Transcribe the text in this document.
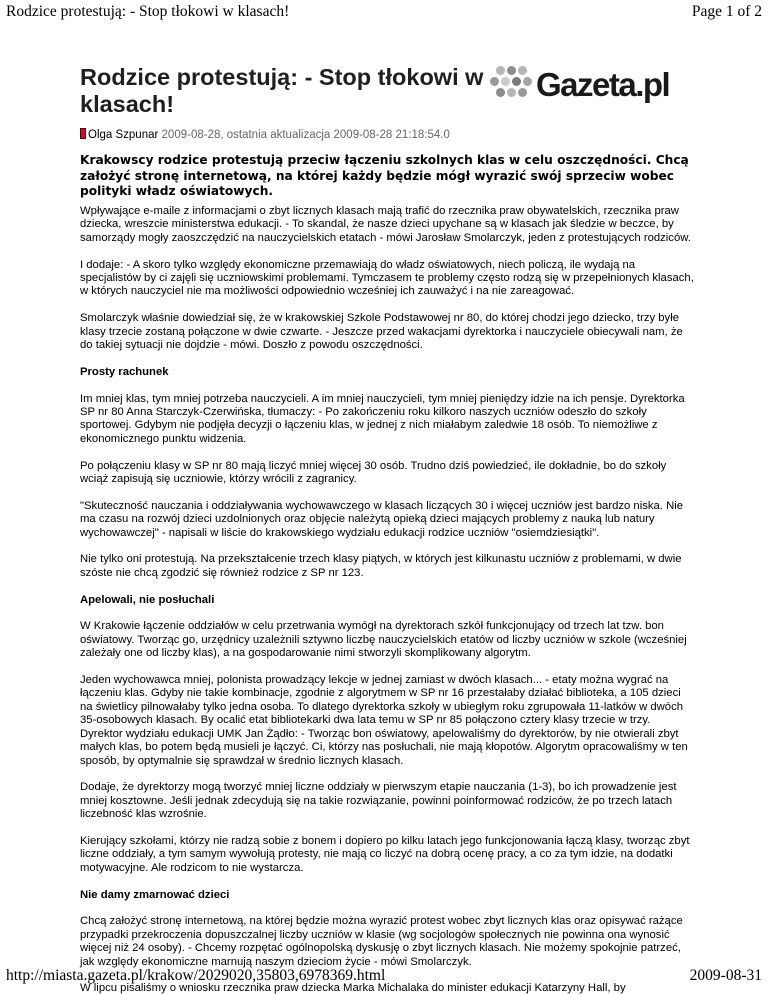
Rodzice protestują: - Stop tłokowi w klasach!	Page 1 of 2
Rodzice protestują: - Stop tłokowi w klasach!
Gazeta.pl
Olga Szpunar 2009-08-28, ostatnia aktualizacja 2009-08-28 21:18:54.0

Krakowscy rodzice protestują przeciw łączeniu szkolnych klas w celu oszczędności. Chcą założyć stronę internetową, na której każdy będzie mógł wyrazić swój sprzeciw wobec polityki władz oświatowych.

Wpływające e-maile z informacjami o zbyt licznych klasach mają trafić do rzecznika praw obywatelskich, rzecznika praw dziecka, wreszcie ministerstwa edukacji. - To skandal, że nasze dzieci upychane są w klasach jak śledzie w beczce, by samorządy mogły zaoszczędzić na nauczycielskich etatach - mówi Jarosław Smolarczyk, jeden z protestujących rodziców.

I dodaje: - A skoro tylko względy ekonomiczne przemawiają do władz oświatowych, niech policzą, ile wydają na specjalistów by ci zajęli się uczniowskimi problemami. Tymczasem te problemy często rodzą się w przepełnionych klasach, w których nauczyciel nie ma możliwości odpowiednio wcześniej ich zauważyć i na nie zareagować.

Smolarczyk właśnie dowiedział się, że w krakowskiej Szkole Podstawowej nr 80, do której chodzi jego dziecko, trzy byłe klasy trzecie zostaną połączone w dwie czwarte. - Jeszcze przed wakacjami dyrektorka i nauczyciele obiecywali nam, że do takiej sytuacji nie dojdzie - mówi. Doszło z powodu oszczędności.

Prosty rachunek

Im mniej klas, tym mniej potrzeba nauczycieli. A im mniej nauczycieli, tym mniej pieniędzy idzie na ich pensje. Dyrektorka SP nr 80 Anna Starczyk-Czerwińska, tłumaczy: - Po zakończeniu roku kilkoro naszych uczniów odeszło do szkoły sportowej. Gdybym nie podjęła decyzji o łączeniu klas, w jednej z nich miałabym zaledwie 18 osób. To niemożliwe z ekonomicznego punktu widzenia.

Po połączeniu klasy w SP nr 80 mają liczyć mniej więcej 30 osób. Trudno dziś powiedzieć, ile dokładnie, bo do szkoły wciąż zapisują się uczniowie, którzy wrócili z zagranicy.

"Skuteczność nauczania i oddziaływania wychowawczego w klasach liczących 30 i więcej uczniów jest bardzo niska. Nie ma czasu na rozwój dzieci uzdolnionych oraz objęcie należytą opieką dzieci mających problemy z nauką lub natury wychowawczej" - napisali w liście do krakowskiego wydziału edukacji rodzice uczniów "osiemdziesiątki".

Nie tylko oni protestują. Na przekształcenie trzech klasy piątych, w których jest kilkunastu uczniów z problemami, w dwie szóste nie chcą zgodzić się również rodzice z SP nr 123.

Apelowali, nie posłuchali

W Krakowie łączenie oddziałów w celu przetrwania wymógł na dyrektorach szkół funkcjonujący od trzech lat tzw. bon oświatowy. Tworząc go, urzędnicy uzależnili sztywno liczbę nauczycielskich etatów od liczby uczniów w szkole (wcześniej zależały one od liczby klas), a na gospodarowanie nimi stworzyli skomplikowany algorytm.

Jeden wychowawca mniej, polonista prowadzący lekcje w jednej zamiast w dwóch klasach... - etaty można wygrać na łączeniu klas. Gdyby nie takie kombinacje, zgodnie z algorytmem w SP nr 16 przestałaby działać biblioteka, a 105 dzieci na świetlicy pilnowałaby tylko jedna osoba. To dlatego dyrektorka szkoły w ubiegłym roku zgrupowała 11-latków w dwóch 35-osobowych klasach. By ocalić etat bibliotekarki dwa lata temu w SP nr 85 połączono cztery klasy trzecie w trzy. Dyrektor wydziału edukacji UMK Jan Żądło: - Tworząc bon oświatowy, apelowaliśmy do dyrektorów, by nie otwierali zbyt małych klas, bo potem będą musieli je łączyć. Ci, którzy nas posłuchali, nie mają kłopotów. Algorytm opracowaliśmy w ten sposób, by optymalnie się sprawdzał w średnio licznych klasach.

Dodaje, że dyrektorzy mogą tworzyć mniej liczne oddziały w pierwszym etapie nauczania (1-3), bo ich prowadzenie jest mniej kosztowne. Jeśli jednak zdecydują się na takie rozwiązanie, powinni poinformować rodziców, że po trzech latach liczebność klas wzrośnie.

Kierujący szkołami, którzy nie radzą sobie z bonem i dopiero po kilku latach jego funkcjonowania łączą klasy, tworząc zbyt liczne oddziały, a tym samym wywołują protesty, nie mają co liczyć na dobrą ocenę pracy, a co za tym idzie, na dodatki motywacyjne. Ale rodzicom to nie wystarcza.

Nie damy zmarnować dzieci

Chcą założyć stronę internetową, na której będzie można wyrazić protest wobec zbyt licznych klas oraz opisywać rażące przypadki przekroczenia dopuszczalnej liczby uczniów w klasie (wg socjologów społecznych nie powinna ona wynosić więcej niż 24 osoby). - Chcemy rozpętać ogólnopolską dyskusję o zbyt licznych klasach. Nie możemy spokojnie patrzeć, jak względy ekonomiczne marnują naszym dzieciom życie - mówi Smolarczyk.

W lipcu pisaliśmy o wniosku rzecznika praw dziecka Marka Michalaka do minister edukacji Katarzyny Hall, by

http://miasta.gazeta.pl/krakow/2029020,35803,6978369.html	2009-08-31
